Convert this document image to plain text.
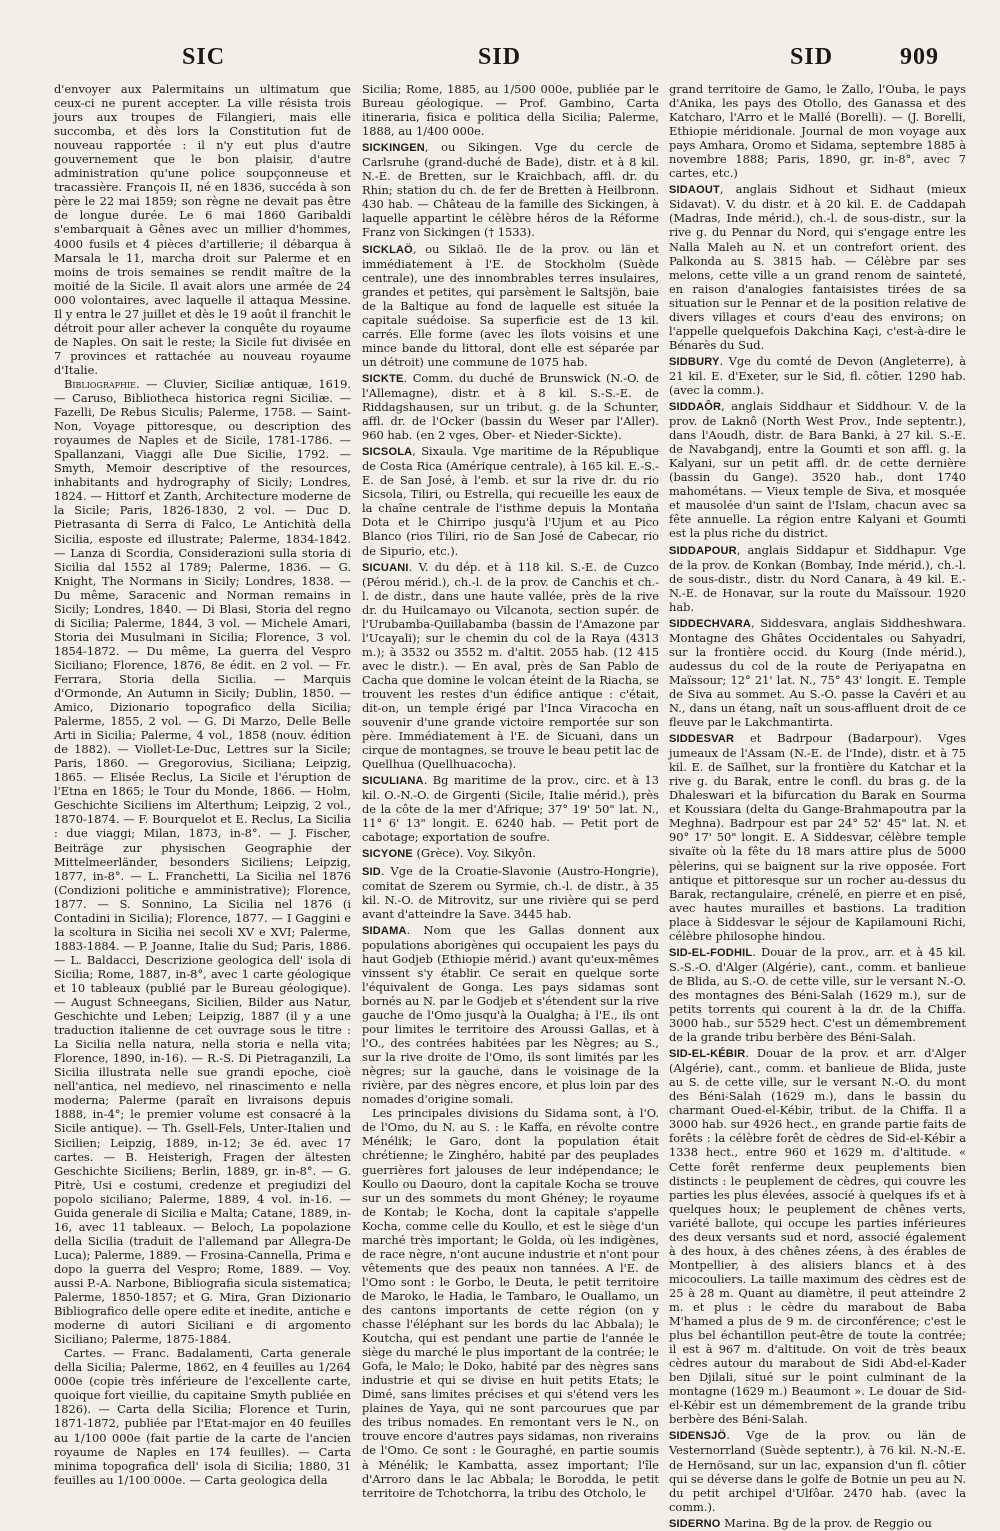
SIC	SID	SID	909

d'envoyer aux Palermitains un ultimatum que ceux-ci ne purent accepter. La ville résista trois jours aux troupes de Filangieri, mais elle succomba, et dès lors la Constitution fut de nouveau rapportée : il n'y eut plus d'autre gouvernement que le bon plaisir, d'autre administration qu'une police soupçonneuse et tracassière. François II, né en 1836, succéda à son père le 22 mai 1859; son règne ne devait pas être de longue durée. Le 6 mai 1860 Garibaldi s'embarquait à Gênes avec un millier d'hommes, 4000 fusils et 4 pièces d'artillerie; il débarqua à Marsala le 11, marcha droit sur Palerme et en moins de trois semaines se rendit maître de la moitié de la Sicile. Il avait alors une armée de 24 000 volontaires, avec laquelle il attaqua Messine. Il y entra le 27 juillet et dès le 19 août il franchit le détroit pour aller achever la conquête du royaume de Naples. On sait le reste; la Sicile fut divisée en 7 provinces et rattachée au nouveau royaume d'Italie.

Bibliographie. — Cluvier, Siciliæ antiquæ, 1619. — Caruso, Bibliotheca historica regni Siciliæ. — Fazelli, De Rebus Siculis; Palerme, 1758. — Saint-Non, Voyage pittoresque, ou description des royaumes de Naples et de Sicile, 1781-1786. — Spallanzani, Viaggi alle Due Sicilie, 1792. — Smyth, Memoir descriptive of the resources, inhabitants and hydrography of Sicily; Londres, 1824. — Hittorf et Zanth, Architecture moderne de la Sicile; Paris, 1826-1830, 2 vol. — Duc D. Pietrasanta di Serra di Falco, Le Antichità della Sicilia, esposte ed illustrate; Palerme, 1834-1842. — Lanza di Scordia, Considerazioni sulla storia di Sicilia dal 1552 al 1789; Palerme, 1836. — G. Knight, The Normans in Sicily; Londres, 1838. — Du même, Saracenic and Norman remains in Sicily; Londres, 1840. — Di Blasi, Storia del regno di Sicilia; Palerme, 1844, 3 vol. — Michele Amari, Storia dei Musulmani in Sicilia; Florence, 3 vol. 1854-1872. — Du même, La guerra del Vespro Siciliano; Florence, 1876, 8e édit. en 2 vol. — Fr. Ferrara, Storia della Sicilia. — Marquis d'Ormonde, An Autumn in Sicily; Dublin, 1850. — Amico, Dizionario topografico della Sicilia; Palerme, 1855, 2 vol. — G. Di Marzo, Delle Belle Arti in Sicilia; Palerme, 4 vol., 1858 (nouv. édition de 1882). — Viollet-Le-Duc, Lettres sur la Sicile; Paris, 1860. — Gregorovius, Siciliana; Leipzig, 1865. — Elisée Reclus, La Sicile et l'éruption de l'Etna en 1865; le Tour du Monde, 1866. — Holm, Geschichte Siciliens im Alterthum; Leipzig, 2 vol., 1870-1874. — F. Bourquelot et E. Reclus, La Sicilia : due viaggi; Milan, 1873, in-8°. — J. Fischer, Beiträge zur physischen Geographie der Mittelmeerländer, besonders Siciliens; Leipzig, 1877, in-8°. — L. Franchetti, La Sicilia nel 1876 (Condizioni politiche e amministrative); Florence, 1877. — S. Sonnino, La Sicilia nel 1876 (i Contadini in Sicilia); Florence, 1877. — I Gaggini e la scoltura in Sicilia nei secoli XV e XVI; Palerme, 1883-1884. — P. Joanne, Italie du Sud; Paris, 1886. — L. Baldacci, Descrizione geologica dell' isola di Sicilia; Rome, 1887, in-8°, avec 1 carte géologique et 10 tableaux (publié par le Bureau géologique). — August Schneegans, Sicilien, Bilder aus Natur, Geschichte und Leben; Leipzig, 1887 (il y a une traduction italienne de cet ouvrage sous le titre : La Sicilia nella natura, nella storia e nella vita; Florence, 1890, in-16). — R.-S. Di Pietraganzili, La Sicilia illustrata nelle sue grandi epoche, cioè nell'antica, nel medievo, nel rinascimento e nella moderna; Palerme (paraît en livraisons depuis 1888, in-4°; le premier volume est consacré à la Sicile antique). — Th. Gsell-Fels, Unter-Italien und Sicilien; Leipzig, 1889, in-12; 3e éd. avec 17 cartes. — B. Heisterigh, Fragen der ältesten Geschichte Siciliens; Berlin, 1889, gr. in-8°. — G. Pitrè, Usi e costumi, credenze et pregiudizi del popolo siciliano; Palerme, 1889, 4 vol. in-16. — Guida generale di Sicilia e Malta; Catane, 1889, in-16, avec 11 tableaux. — Beloch, La popolazione della Sicilia (traduit de l'allemand par Allegra-De Luca); Palerme, 1889. — Frosina-Cannella, Prima e dopo la guerra del Vespro; Rome, 1889. — Voy. aussi P.-A. Narbone, Bibliografia sicula sistematica; Palerme, 1850-1857; et G. Mira, Gran Dizionario Bibliografico delle opere edite et inedite, antiche e moderne di autori Siciliani e di argomento Siciliano; Palerme, 1875-1884.

Cartes. — Franc. Badalamenti, Carta generale della Sicilia; Palerme, 1862, en 4 feuilles au 1/264 000e (copie très inférieure de l'excellente carte, quoique fort vieillie, du capitaine Smyth publiée en 1826). — Carta della Sicilia; Florence et Turin, 1871-1872, publiée par l'Etat-major en 40 feuilles au 1/100 000e (fait partie de la carte de l'ancien royaume de Naples en 174 feuilles). — Carta minima topografica dell' isola di Sicilia; 1880, 31 feuilles au 1/100 000e. — Carta geologica della

Sicilia; Rome, 1885, au 1/500 000e, publiée par le Bureau géologique. — Prof. Gambino, Carta itineraria, fisica e politica della Sicilia; Palerme, 1888, au 1/400 000e.

SICKINGEN, ou Sikingen. Vge du cercle de Carlsruhe (grand-duché de Bade), distr. et à 8 kil. N.-E. de Bretten, sur le Kraichbach, affl. dr. du Rhin; station du ch. de fer de Bretten à Heilbronn. 430 hab. — Château de la famille des Sickingen, à laquelle appartint le célèbre héros de la Réforme Franz von Sickingen († 1533).

SICKLAÖ, ou Siklaö. Ile de la prov. ou län et immédiatement à l'E. de Stockholm (Suède centrale), une des innombrables terres insulaires, grandes et petites, qui parsèment le Saltsjön, baie de la Baltique au fond de laquelle est située la capitale suédoise. Sa superficie est de 13 kil. carrés. Elle forme (avec les îlots voisins et une mince bande du littoral, dont elle est séparée par un détroit) une commune de 1075 hab.

SICKTE. Comm. du duché de Brunswick (N.-O. de l'Allemagne), distr. et à 8 kil. S.-S.-E. de Riddagshausen, sur un tribut. g. de la Schunter, affl. dr. de l'Ocker (bassin du Weser par l'Aller). 960 hab. (en 2 vges, Ober- et Nieder-Sickte).

SICSOLA, Sixaula. Vge maritime de la République de Costa Rica (Amérique centrale), à 165 kil. E.-S.-E. de San José, à l'emb. et sur la rive dr. du rio Sicsola, Tiliri, ou Estrella, qui recueille les eaux de la chaîne centrale de l'isthme depuis la Montaña Dota et le Chirripo jusqu'à l'Ujum et au Pico Blanco (rios Tiliri, rio de San José de Cabecar, rio de Sipurio, etc.).

SICUANI. V. du dép. et à 118 kil. S.-E. de Cuzco (Pérou mérid.), ch.-l. de la prov. de Canchis et ch.-l. de distr., dans une haute vallée, près de la rive dr. du Huilcamayo ou Vilcanota, section supér. de l'Urubamba-Quillabamba (bassin de l'Amazone par l'Ucayali); sur le chemin du col de la Raya (4313 m.); à 3532 ou 3552 m. d'altit. 2055 hab. (12 415 avec le distr.). — En aval, près de San Pablo de Cacha que domine le volcan éteint de la Riacha, se trouvent les restes d'un édifice antique : c'était, dit-on, un temple érigé par l'Inca Viracocha en souvenir d'une grande victoire remportée sur son père. Immédiatement à l'E. de Sicuani, dans un cirque de montagnes, se trouve le beau petit lac de Quellhua (Quellhuacocha).

SICULIANA. Bg maritime de la prov., circ. et à 13 kil. O.-N.-O. de Girgenti (Sicile, Italie mérid.), près de la côte de la mer d'Afrique; 37° 19' 50" lat. N., 11° 6' 13" longit. E. 6240 hab. — Petit port de cabotage; exportation de soufre.

SICYONE (Grèce). Voy. Sikyôn.

SID. Vge de la Croatie-Slavonie (Austro-Hongrie), comitat de Szerem ou Syrmie, ch.-l. de distr., à 35 kil. N.-O. de Mitrovitz, sur une rivière qui se perd avant d'atteindre la Save. 3445 hab.

SIDAMA. Nom que les Gallas donnent aux populations aborigènes qui occupaient les pays du haut Godjeb (Ethiopie mérid.) avant qu'eux-mêmes vinssent s'y établir. Ce serait en quelque sorte l'équivalent de Gonga. Les pays sidamas sont bornés au N. par le Godjeb et s'étendent sur la rive gauche de l'Omo jusqu'à la Oualgha; à l'E., ils ont pour limites le territoire des Aroussi Gallas, et à l'O., des contrées habitées par les Nègres; au S., sur la rive droite de l'Omo, ils sont limités par les nègres; sur la gauche, dans le voisinage de la rivière, par des nègres encore, et plus loin par des nomades d'origine somali.

Les principales divisions du Sidama sont, à l'O. de l'Omo, du N. au S. : le Kaffa, en révolte contre Ménélik; le Garo, dont la population était chrétienne; le Zinghéro, habité par des peuplades guerrières fort jalouses de leur indépendance; le Koullo ou Daouro, dont la capitale Kocha se trouve sur un des sommets du mont Ghéney; le royaume de Kontab; le Kocha, dont la capitale s'appelle Kocha, comme celle du Koullo, et est le siège d'un marché très important; le Golda, où les indigènes, de race nègre, n'ont aucune industrie et n'ont pour vêtements que des peaux non tannées. A l'E. de l'Omo sont : le Gorbo, le Deuta, le petit territoire de Maroko, le Hadia, le Tambaro, le Ouallamo, un des cantons importants de cette région (on y chasse l'éléphant sur les bords du lac Abbala); le Koutcha, qui est pendant une partie de l'année le siège du marché le plus important de la contrée; le Gofa, le Malo; le Doko, habité par des nègres sans industrie et qui se divise en huit petits Etats; le Dimé, sans limites précises et qui s'étend vers les plaines de Yaya, qui ne sont parcourues que par des tribus nomades. En remontant vers le N., on trouve encore d'autres pays sidamas, non riverains de l'Omo. Ce sont : le Gouraghé, en partie soumis à Ménélik; le Kambatta, assez important; l'île d'Arroro dans le lac Abbala; le Borodda, le petit territoire de Tchotchorra, la tribu des Otcholo, le

grand territoire de Gamo, le Zallo, l'Ouba, le pays d'Anika, les pays des Otollo, des Ganassa et des Katcharo, l'Arro et le Mallé (Borelli). — (J. Borelli, Ethiopie méridionale. Journal de mon voyage aux pays Amhara, Oromo et Sidama, septembre 1885 à novembre 1888; Paris, 1890, gr. in-8°, avec 7 cartes, etc.)

SIDAOUT, anglais Sidhout et Sidhaut (mieux Sidavat). V. du distr. et à 20 kil. E. de Caddapah (Madras, Inde mérid.), ch.-l. de sous-distr., sur la rive g. du Pennar du Nord, qui s'engage entre les Nalla Maleh au N. et un contrefort orient. des Palkonda au S. 3815 hab. — Célèbre par ses melons, cette ville a un grand renom de sainteté, en raison d'analogies fantaisistes tirées de sa situation sur le Pennar et de la position relative de divers villages et cours d'eau des environs; on l'appelle quelquefois Dakchina Kaçi, c'est-à-dire le Bénarès du Sud.

SIDBURY. Vge du comté de Devon (Angleterre), à 21 kil. E. d'Exeter, sur le Sid, fl. côtier. 1290 hab. (avec la comm.).

SIDDAÔR, anglais Siddhaur et Siddhour. V. de la prov. de Laknô (North West Prov., Inde septentr.), dans l'Aoudh, distr. de Bara Banki, à 27 kil. S.-E. de Navabgandj, entre la Goumti et son affl. g. la Kalyani, sur un petit affl. dr. de cette dernière (bassin du Gange). 3520 hab., dont 1740 mahométans. — Vieux temple de Siva, et mosquée et mausolée d'un saint de l'Islam, chacun avec sa fête annuelle. La région entre Kalyani et Goumti est la plus riche du district.

SIDDAPOUR, anglais Siddapur et Siddhapur. Vge de la prov. de Konkan (Bombay, Inde mérid.), ch.-l. de sous-distr., distr. du Nord Canara, à 49 kil. E.-N.-E. de Honavar, sur la route du Maïssour. 1920 hab.

SIDDECHVARA, Siddesvara, anglais Siddheshwara. Montagne des Ghâtes Occidentales ou Sahyadri, sur la frontière occid. du Kourg (Inde mérid.), audessus du col de la route de Periyapatna en Maïssour; 12° 21' lat. N., 75° 43' longit. E. Temple de Siva au sommet. Au S.-O. passe la Cavéri et au N., dans un étang, naît un sous-affluent droit de ce fleuve par le Lakchmantirta.

SIDDESVAR et Badrpour (Badarpour). Vges jumeaux de l'Assam (N.-E. de l'Inde), distr. et à 75 kil. E. de Saïlhet, sur la frontière du Katchar et la rive g. du Barak, entre le confl. du bras g. de la Dhaleswari et la bifurcation du Barak en Sourma et Koussiara (delta du Gange-Brahmapoutra par la Meghna). Badrpour est par 24° 52' 45" lat. N. et 90° 17' 50" longit. E. A Siddesvar, célèbre temple sivaïte où la fête du 18 mars attire plus de 5000 pèlerins, qui se baignent sur la rive opposée. Fort antique et pittoresque sur un rocher au-dessus du Barak, rectangulaire, crénelé, en pierre et en pisé, avec hautes murailles et bastions. La tradition place à Siddesvar le séjour de Kapilamouni Richi, célèbre philosophe hindou.

SID-EL-FODHIL. Douar de la prov., arr. et à 45 kil. S.-S.-O. d'Alger (Algérie), cant., comm. et banlieue de Blida, au S.-O. de cette ville, sur le versant N.-O. des montagnes des Béni-Salah (1629 m.), sur de petits torrents qui courent à la dr. de la Chiffa. 3000 hab., sur 5529 hect. C'est un démembrement de la grande tribu berbère des Béni-Salah.

SID-EL-KÉBIR. Douar de la prov. et arr. d'Alger (Algérie), cant., comm. et banlieue de Blida, juste au S. de cette ville, sur le versant N.-O. du mont des Béni-Salah (1629 m.), dans le bassin du charmant Oued-el-Kébir, tribut. de la Chiffa. Il a 3000 hab. sur 4926 hect., en grande partie faits de forêts : la célèbre forêt de cèdres de Sid-el-Kébir a 1338 hect., entre 960 et 1629 m. d'altitude. « Cette forêt renferme deux peuplements bien distincts : le peuplement de cèdres, qui couvre les parties les plus élevées, associé à quelques ifs et à quelques houx; le peuplement de chênes verts, variété ballote, qui occupe les parties inférieures des deux versants sud et nord, associé également à des houx, à des chênes zéens, à des érables de Montpellier, à des alisiers blancs et à des micocouliers. La taille maximum des cèdres est de 25 à 28 m. Quant au diamètre, il peut atteindre 2 m. et plus : le cèdre du marabout de Baba M'hamed a plus de 9 m. de circonférence; c'est le plus bel échantillon peut-être de toute la contrée; il est à 967 m. d'altitude. On voit de très beaux cèdres autour du marabout de Sidi Abd-el-Kader ben Djilali, situé sur le point culminant de la montagne (1629 m.) Beaumont ». Le douar de Sid-el-Kébir est un démembrement de la grande tribu berbère des Béni-Salah.

SIDENSJÖ. Vge de la prov. ou län de Vesternorrland (Suède septentr.), à 76 kil. N.-N.-E. de Hernösand, sur un lac, expansion d'un fl. côtier qui se déverse dans le golfe de Botnie un peu au N. du petit archipel d'Ulfôar. 2470 hab. (avec la comm.).

SIDERNO Marina. Bg de la prov. de Reggio ou
